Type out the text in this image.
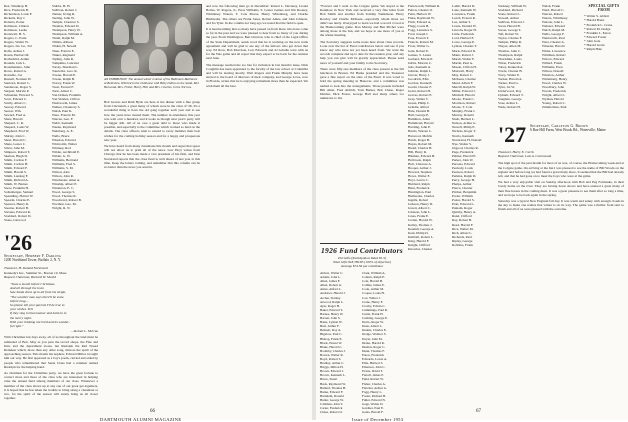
Rex, Winthrop H.
Rice, Frederick B.
Richardson, Louis F.
Ricketts, Ray J.
Roberts, Porter
Robinson, Clinton
Robinson, Leslie
Rockwell, H. S.
Rogers, C. Earle
Rogers, Walter W.
Rogers, Jas. Gr., 3rd
Rolfe, Arthur J.
Rosen, Herbert M.
Rothschild, Arthur
Rounds, Jack L.
Rousmaniere, John
Rowe, Robert G.
Rozzelle, Joe
Russell, Norman W.
Sanborn, Robert C.
Sanderson, Roger S.
Sargent, Marvin P.
Schneider, Howard S.
Scott, Edward C.
Scully, Albert C.
Seavey, Edward
Seaver, Wm.
Seward, Fred A.
Shaw, Harold
Shepard, C. R.
Shepard, Louis W.
Shepherd, Fred W.
Shirley, John C.
Short, Harold C.
Shute, Lester C.
Silver, John M.
Simpson, Robert T.
Skelton, Hugh D.
Smith, Carlton F.
Smith, Carlton H.
Smith, Edward F.
Smith, Harold S.
Smith, Lansing F.
Smith, Richard A.
Smith, W. Barnes
Snow, Franklin H.
Sollenberger, Samuel
Spaulding, Hobart W.
Spearin, Charles E.
Spencer, Henry R.
Stearns, Robert B.
Stevens, Edward R.
Stoddard, Robert D.
Stone, Linwood
Stubbs, H. H.
Sullivan, Robert J.
Tanner, Irving R.
Teeling, John W.
Temple, Clarence S.
Thomas, Edward D.
Thompson, Harry W.
Thompson, William A.
Thrall, Ralph M.
Tibbits, Allison
Tilden, H. Newell
Tiner, Francis E.
Tinker, Reginald
Tipling, John R.
Tompkins, Lancelot
Torrey, Sherman L.
Tourtellot, Geo. R.
Towne, Harold E.
Towne, Ralph B.
Tracey, Frank W.
Treat, Everett F.
Tuck, Albert C.
Van Orman, Franklin
Van Sicklen, Clifton
Wadsworth, James
Walker, Chauncey S.
Walsh, Paul K.
Ware, Francis M.
Warren, Geo. F.
Webb, Kenneth
Weeks, Raymond
Weinberg, A. E.
Wells, Bruce
Whedon, Edward
Whitcomb, Walter
Whitney, Rod
Wilder, Archibald E.
Wilder, G. W.
Williams, Bertrand
Williams, Fred S.
Williams, S. M.
Wilson, Alex
Wilson, John R.
Winchester, Allen A.
Winship, Albert E.
Winterton, E. C.
Wood, George S.
Wood, Thomas R.
Woodward, Robert B.
Worthen, Geo. M.
Wright, R. N.
'26 Secretary, Herbert F. Darling
1200 Northland Tower, Buffalo 2, N. Y.
Treasurer, H. Donald Norstrand
Kennedy's Inc., Summer St., Boston 10, Mass.
Bequest Chairman, Richard W. Sheeld
"Twas a month before Christmas,
And all through the town
Saw Santa dress up in all from his sleigh,
"The weather man says there'll be snow
before long—
So please tell your parents I'll be true to
your wishes. Tell
If they sing in that manner and hold on to
the merry night.
With your thinking not tried and its wonder-
ful right."
—Robert L. McCue

With Christmas but days away, all of us throughout the land must be reminded of Bob. May as you pass the record shops, the Fine and Dan, and the department stores, but Rudolph the Red Nosed Reindeer which, more than any other song, mirrors the spirit of the approaching season. This month his nephew, Edward Miller, brought him our way. He first appeared as a boy's poem, carried and aided by people who remembered that Santa Claus had a reindeer named Rudolph for the helping hand.

As chairman for the Christmas party, we have the great fortune to contact more and more of the class who are interested in helping raise the annual fund among members of our class. Whenever a member of the class shows up at any one of our great get-togethers, it is hoped that he has taken the trouble to bring along a classmate or two, for the spirit of the season will surely bring us all closer together.

AN EXHIBITION: The annual winter reunion of the Baltimore-Baltimore at Belleview. Whirled in the clubhouse with Betty Dulles on the stand, Mel Harwood, Mrs. Fisher, Harry Hill, and Mrs. Charles, in the 3rd row.

Bob Graves and Ruth Hyde are here at the dinner with a fine group from Cincinnati, a great many of whom were in the class of '26. It's a wonderful thing to have the old gang together each year and to see how the years have treated them. The number in attendance this year was well over a hundred, and it looks as though next year's party will be bigger still. All of us owe a great debt to those who made it possible, and especially to the committee which worked so hard on the details. The class officers wish to extend to every member their best wishes for the coming holiday season and for a happy and prosperous new year.

We have heard from many classmates this month and regret that space will not allow us to print all of the news. Lew Hoyt writes from Chicago that he has been made a vice president of his firm, and Don Norstrand reports that the class fund is well ahead of last year at this time. Keep the letters coming, and remember that this column can be no better than the news you send in.

and now the following men go in December: Robert L. Devaney, Lionel Bolles, W. Rogers, Jr., Enos Williams, S. Lester Gaines and Jim Rooney, Whittlesey Waters, T. Cole Morse, Henry Wittenberg, and Charlie Huthwaite. The others are Frank Jones, Robert Ames, and John Johnson, and Ira Tyler. In the column not long ago we noted that the field is open.

It is heartwarming that so many have passed on from those who have come so far in the past and we were pleased to hear from so many of you during the year. From Washington, Bert Overton, who is chief of the Legal Office of the State Department, sends word that he is working on the new trade agreement and will be glad to see any of the fellows who get down that way. Ed Ross, Bob Morrison, Lew Edwards and Al Grindle were with us for the Yale game and all report that they expect to be back for the reunion next June.

The message reached me too late for inclusion in last month's issue. Dick Coughlin has been appointed to the faculty of the law school at Columbia and will be leaving shortly. Walt Rogers and Frank Murphy have been elected to the board of directors of their company, and George Lowe, now in Florida, writes that he is enjoying retirement more than he expected. We wish them all the best.

66
DARTMOUTH ALUMNI MAGAZINE

"Forever and I went to the Colgate game. We stayed at the Kenmore in New York and received a very fine letter from Bob Smith and another from Tommy Tomkinson. Harry Rowley and Charlie McKeen—especially whom those we didn't see lately. Overjoyed to learn we had a record crowd at the Homecoming game. Don Murray and Ben Pitcher were among those at the Inn, and we hope to see more of you at the winter meeting.

The Secretary suggests some notes here about class records. Look over the list of Fund contributors below and see if you know any who have not yet been heard from. We want the records complete and up to date for the reunion year, and any help you can give will be greatly appreciated. Please send news of yourself and your family to the Secretary.

There were fifty-one members of the class present at the fall luncheon in Boston. Ed Burke presided and the Treasurer gave a fine report on the state of the Fund. It was voted to hold the spring meeting in Hanover, and a committee was named to look into the arrangements. Those present included Bill Allen, Fred Aldrich, Tom Barker, Bob Chase, Roger Dunbar, Dick Foster, George Hall and many others too numerous to list.

1926 Fund Contributors
252 Gifts (Participation Index 81.5)
Total Gifts $18,789.85 (100% of objective)
Average $74.56 per contributor
Abbott, Walter C.
Adams, John L.
Allen, James F.
Allen, Robert A.
Ames, Alfred L.
Andrews, Harold J.
Archer, Stanley
Atwood, Ralph L.
Ayer, Roger H.
Baker, Edward T.
Barnes, Henry W.
Barrett, John S.
Bates, Lyman W.
Beal, Arthur F.
Bennett, Roy A.
Bigelow, Paul C.
Bishop, Frank E.
Black, Ernest W.
Blake, Harold C.
Boothby, Charles J.
Bowen, Walter R.
Boyd, Robert S.
Bradley, Arthur C.
Briggs, Milton H.
Brown, Edward J.
Brown, Kenneth L.
Bruce, Stuart
Buck, Raymond W.
Bullard, Thomas H.
Burke, Edward F.
Burnham, Donald
Butler, George W.
Callahan, John T.
Carter, Frederick
Chase, Robert O.
Clark, William A.
Coburn, Ralph E.
Cole, Harold B.
Collins, James E.
Cook, Arthur M.
Cooper, Louis H.
Cox, Walter J.
Crane, Henry F.
Crosby, Edwin C.
Cummings, Paul R.
Curtis, Frank H.
Cushing, George E.
Davis, Roger W.
Dean, Albert L.
Dennis, Charles E.
Dodge, Wallace S.
Doyle, John M.
Drake, Harold R.
Dunbar, Roger C.
Dunn, Thomas F.
Eaton, Frederick
Edwards, Lewis A.
Ellis, Herbert S.
Emerson, John C.
Evans, David T.
Farrell, James P.
Field, Robert W.
Fisher, Charles A.
Fletcher, Arthur G.
Fogg, Henry L.
Foster, Richard B.
Fuller, Edward N.
Gage, Walter D.
Gardner, Paul E.
Gates, Harold F.
Farnsworth, William R.
Felton, Chester O.
Fenn, Herbert W.
Fiske, Raymond W.
Fitch, Edward A.
Flagg, Louis B.
Fogg, Laurence S.
Ford, Joseph J.
Foss, Everett T.
Francis, Robert M.
Frost, Walter G.
Gale, Robert E.
Gaines, S. Lester
Garland, Edwin P.
Gibbs, Morton C.
Gile, Kenneth A.
Gilman, Ralph L.
Glover, Harry J.
Goodrich, Ellis
Gordon, Kenneth
Gould, Chester F.
Grant, Robert H.
Graves, Robert E.
Gray, Walter T.
Green, Philip C.
Grindle, Alfred
Hale, Donald B.
Hall, George E.
Hamilton, Allen
Hammond, Harold
Harding, John P.
Harris, Warren C.
Harwood, Melvin
Hatch, Roger B.
Hayes, Robert M.
Heald, Charles H.
Hill, Harry R.
Hinman, Edward B.
Holbrook, Ralph
Holt, Clarence A.
Hooper, Arthur J.
Howard, Stephen
Howe, Walter E.
Hoyt, Lewis C.
Hubbard, Ralph
Hunt, Frederick
Huntington, Paul
Huthwaite, Charles
Ingalls, Robert
Jackson, Henry D.
Jewett, Albert C.
Johnson, John L.
Jones, Frank E.
Jordan, Harold W.
Kelley, Thomas J.
Kendall, George A.
Kent, Philip D.
Kimball, Robert L.
King, Harold F.
Knight, Clifford
Knowles, Chester
Lamb, Harold D.
Lane, Kenneth W.
Lawrence, Frank
Leach, Everett R.
Lee, Arthur S.
Lewis, Donald W.
Lincoln, Roger H.
Little, Frederick
Lord, Herbert E.
Lowe, George P.
Lyman, Charles T.
Mack, Edward R.
Mann, Robert J.
Marsh, Walter F.
Martin, Paul A.
Mason, Clifton H.
Maxwell, Harry
May, Robert C.
McKeen, Charles
Mead, Albert F.
Merrill, Ralph W.
Miller, Edward J.
Mitchell, Harold
Moore, Frank C.
Morrison, Robert
Morse, T. Cole
Murphy, Frank J.
Murray, Donald
Nash, Herbert L.
Nelson, Arthur G.
Newell, Philip E.
Nichols, Roger T.
Norris, Kenneth
Norstrand, H. Donald
Nye, Walter S.
Osgood, Charles R.
Page, Frederick
Palmer, Harold E.
Parker, John W.
Parsons, Edward
Peabody, Louis
Pearson, Robert
Perkins, Ralph D.
Perry, George H.
Phelps, Arthur
Pierce, Chester
Pitcher, Benjamin
Porter, William
Potter, Harold S.
Pratt, Edward L.
Putnam, Roger
Quinby, Henry A.
Rand, Clifford
Ray, Robert B.
Reed, Harold F.
Rice, Walter M.
Rich, Albert L.
Richards, Paul
Ripley, George
Robbins, Frank
Stickney, William W.
Stoddard, Richard
Stone, Robert L.
Stowell, Arthur
Sullivan, Edward J.
Swan, Harold B.
Sweet, George T.
Taft, Robert W.
Taylor, Charles F.
Temple, Philip R.
Thayer, Allen M.
Thomas, John C.
Thompson, Ralph
Thorndike, Louis
Tilton, Frederick
Tobey, Kenneth A.
Towle, Chester B.
Tracy, Walter E.
Tucker, Harold A.
Turner, Paul G.
Tyler, Ira W.
Underwood, Roy
Upham, Edward T.
Vaughan, George
Vose, Arthur L.
Wade, Robert H.
Walsh, Frank
Ward, Harold C.
Warren, Robert
Waters, Whittlesey
Watson, John L.
Webster, Edward
Welch, Ralph M.
Wells, George F.
Wentworth, Paul
West, Chester A.
Wheeler, Harold
White, Lawrence
Whitman, Robert
Wilcox, Edward
Willard, Frank
Williams, Enos
Wilson, Donald
Winslow, Arthur
Wittenberg, Henry
Wood, Charles W.
Woodbury, John
Woods, Frederick
Wright, Albert L.
Wyman, Harold
Young, Robert C.
Zimmerman, Paul
SPECIAL GIFTS FROM
* Walter S. Abbott
* Harold Bates
* Frederick L. Crane
* Robert M. Dodge
* Franklin L. Eaton
* Edward Foster
* John Gale
* Harold Grant
* Ralph Hale
'27 Secretary, Carleton G. Brown
6 Rue Hill Farm, West Brook Rd., Waterville, Maine
Treasurer, Harry E. Curtis
Bequest Chairman, Luis A. Greenwood

The high spot of the past month for most of us was, of course, the Homecoming week-end at the Colgate game. On arriving at the Inn I was pleased to see the name of Bill Woods on the register and before long we had found a great many more. It seemed that the Bill had already left, and that he had gone on to meet the boys who were at the game.

We had a very enjoyable visit on Sunday afternoon with Bob and Peg Fairbanks, in their lovely home on the river. They are having horse shows and have entered a great many of their fine horses in the coming meet. It was a great pleasure to see them after so long a time, and we hope to be back again in the spring.

Saturday was a typical New England fall day. It was warm and sunny with enough clouds in the sky to make one realize that winter is on its way. The game was a thriller from start to finish and all of us were pleased with the outcome.

Issue of December 1953
67
